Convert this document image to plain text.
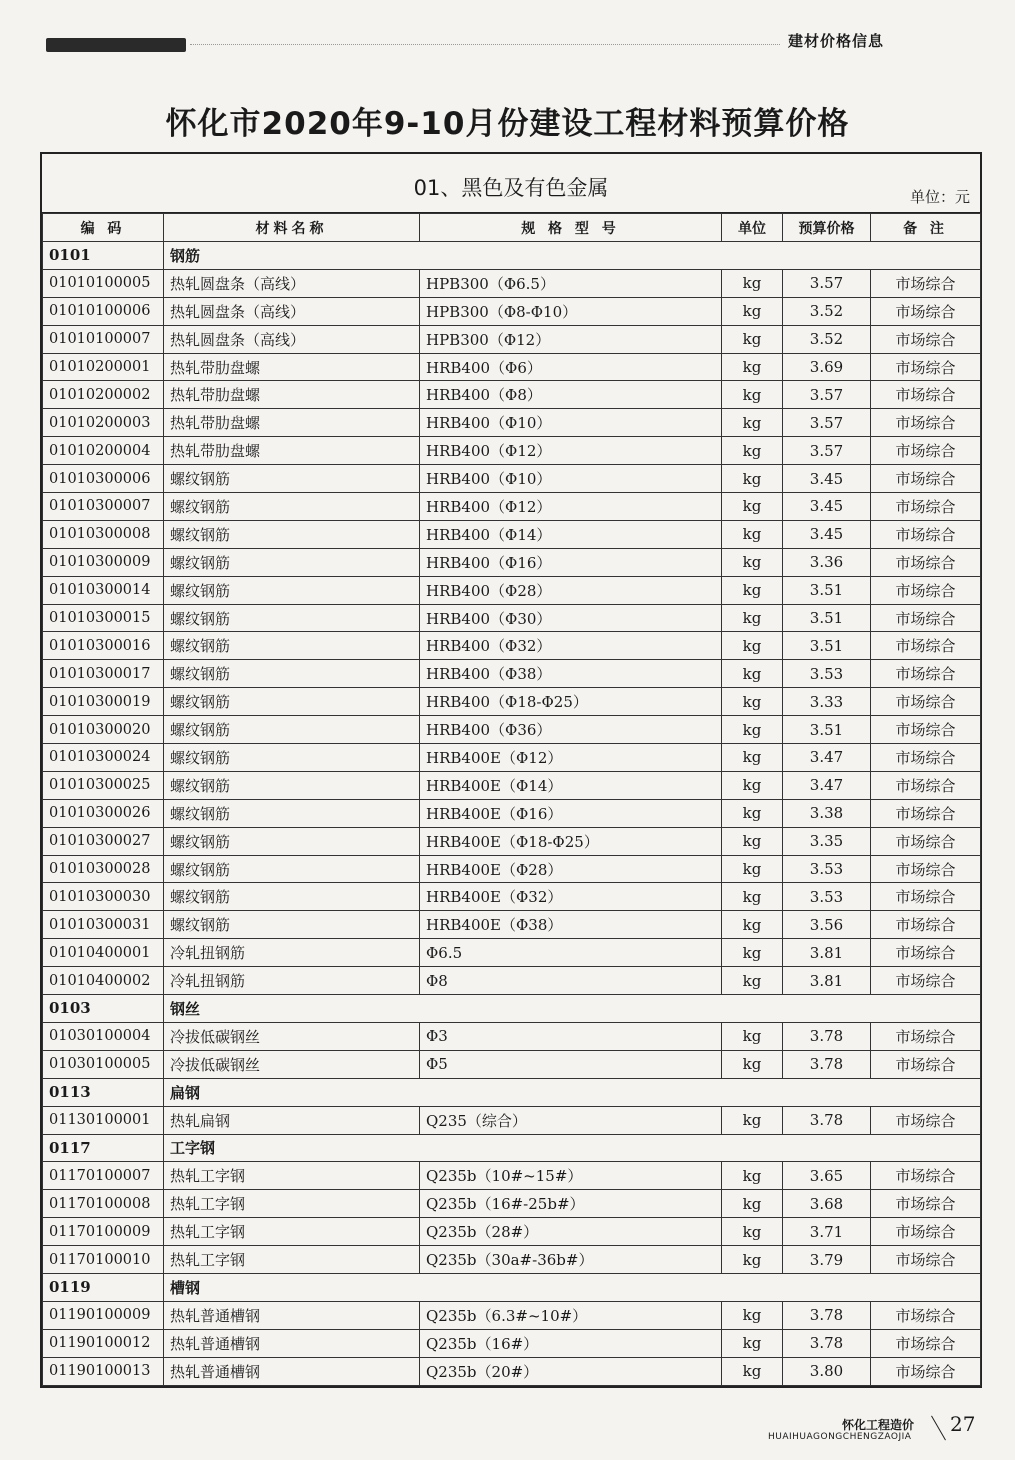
建材价格信息
怀化市2020年9-10月份建设工程材料预算价格
01、黑色及有色金属	单位：元
编 码	材料名称	规 格 型 号	单位	预算价格	备 注
0101	钢筋				
01010100005	热轧圆盘条（高线）	HPB300（Φ6.5）	kg	3.57	市场综合
01010100006	热轧圆盘条（高线）	HPB300（Φ8-Φ10）	kg	3.52	市场综合
01010100007	热轧圆盘条（高线）	HPB300（Φ12）	kg	3.52	市场综合
01010200001	热轧带肋盘螺	HRB400（Φ6）	kg	3.69	市场综合
01010200002	热轧带肋盘螺	HRB400（Φ8）	kg	3.57	市场综合
01010200003	热轧带肋盘螺	HRB400（Φ10）	kg	3.57	市场综合
01010200004	热轧带肋盘螺	HRB400（Φ12）	kg	3.57	市场综合
01010300006	螺纹钢筋	HRB400（Φ10）	kg	3.45	市场综合
01010300007	螺纹钢筋	HRB400（Φ12）	kg	3.45	市场综合
01010300008	螺纹钢筋	HRB400（Φ14）	kg	3.45	市场综合
01010300009	螺纹钢筋	HRB400（Φ16）	kg	3.36	市场综合
01010300014	螺纹钢筋	HRB400（Φ28）	kg	3.51	市场综合
01010300015	螺纹钢筋	HRB400（Φ30）	kg	3.51	市场综合
01010300016	螺纹钢筋	HRB400（Φ32）	kg	3.51	市场综合
01010300017	螺纹钢筋	HRB400（Φ38）	kg	3.53	市场综合
01010300019	螺纹钢筋	HRB400（Φ18-Φ25）	kg	3.33	市场综合
01010300020	螺纹钢筋	HRB400（Φ36）	kg	3.51	市场综合
01010300024	螺纹钢筋	HRB400E（Φ12）	kg	3.47	市场综合
01010300025	螺纹钢筋	HRB400E（Φ14）	kg	3.47	市场综合
01010300026	螺纹钢筋	HRB400E（Φ16）	kg	3.38	市场综合
01010300027	螺纹钢筋	HRB400E（Φ18-Φ25）	kg	3.35	市场综合
01010300028	螺纹钢筋	HRB400E（Φ28）	kg	3.53	市场综合
01010300030	螺纹钢筋	HRB400E（Φ32）	kg	3.53	市场综合
01010300031	螺纹钢筋	HRB400E（Φ38）	kg	3.56	市场综合
01010400001	冷轧扭钢筋	Φ6.5	kg	3.81	市场综合
01010400002	冷轧扭钢筋	Φ8	kg	3.81	市场综合
0103	钢丝				
01030100004	冷拔低碳钢丝	Φ3	kg	3.78	市场综合
01030100005	冷拔低碳钢丝	Φ5	kg	3.78	市场综合
0113	扁钢				
01130100001	热轧扁钢	Q235（综合）	kg	3.78	市场综合
0117	工字钢				
01170100007	热轧工字钢	Q235b（10#~15#）	kg	3.65	市场综合
01170100008	热轧工字钢	Q235b（16#-25b#）	kg	3.68	市场综合
01170100009	热轧工字钢	Q235b（28#）	kg	3.71	市场综合
01170100010	热轧工字钢	Q235b（30a#-36b#）	kg	3.79	市场综合
0119	槽钢				
01190100009	热轧普通槽钢	Q235b（6.3#~10#）	kg	3.78	市场综合
01190100012	热轧普通槽钢	Q235b（16#）	kg	3.78	市场综合
01190100013	热轧普通槽钢	Q235b（20#）	kg	3.80	市场综合
怀化工程造价
HUAIHUAGONGCHENGZAOJIA
27
